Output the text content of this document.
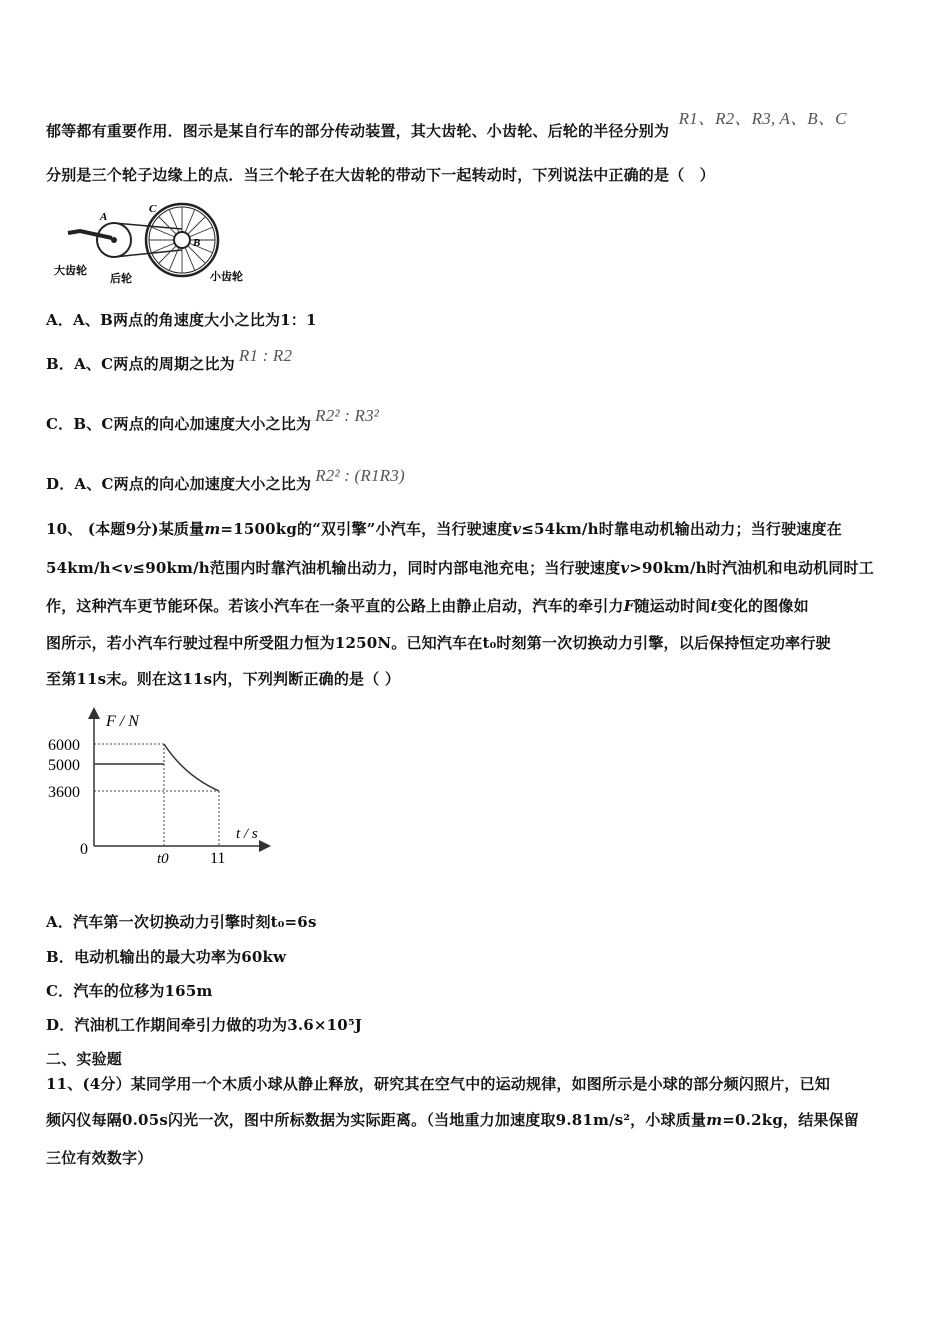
郁等都有重要作用．图示是某自行车的部分传动装置，其大齿轮、小齿轮、后轮的半径分别为 R1、R2、R3, A、B、C
分别是三个轮子边缘上的点．当三个轮子在大齿轮的带动下一起转动时，下列说法中正确的是（　）
A
C
B
大齿轮
后轮	小齿轮
A．A、B两点的角速度大小之比为1：1
B．A、C两点的周期之比为 R1 : R2
C．B、C两点的向心加速度大小之比为 R2² : R3²
D．A、C两点的向心加速度大小之比为 R2² : (R1R3)
10、 (本题9分)某质量m=1500kg的“双引擎”小汽车，当行驶速度v≤54km/h时靠电动机输出动力；当行驶速度在
54km/h<v≤90km/h范围内时靠汽油机输出动力，同时内部电池充电；当行驶速度v>90km/h时汽油机和电动机同时工
作，这种汽车更节能环保。若该小汽车在一条平直的公路上由静止启动，汽车的牵引力F随运动时间t变化的图像如
图所示，若小汽车行驶过程中所受阻力恒为1250N。已知汽车在t₀时刻第一次切换动力引擎，以后保持恒定功率行驶
至第11s末。则在这11s内，下列判断正确的是（ ）
F / N
t / s
6000
5000
3600
0
t0	11
A．汽车第一次切换动力引擎时刻t₀=6s
B．电动机输出的最大功率为60kw
C．汽车的位移为165m
D．汽油机工作期间牵引力做的功为3.6×10⁵J
二、实验题
11、(4分）某同学用一个木质小球从静止释放，研究其在空气中的运动规律，如图所示是小球的部分频闪照片，已知
频闪仪每隔0.05s闪光一次，图中所标数据为实际距离。（当地重力加速度取9.81m/s²，小球质量m=0.2kg，结果保留
三位有效数字）
